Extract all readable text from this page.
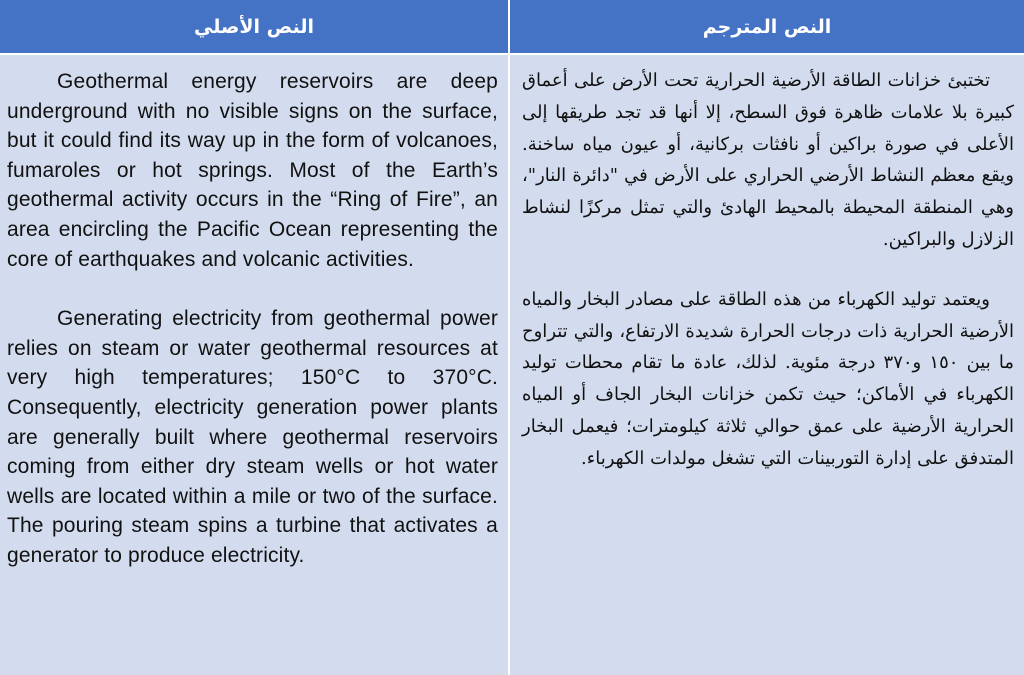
النص الأصلي	النص المترجم

Geothermal energy reservoirs are deep underground with no visible signs on the surface, but it could find its way up in the form of volcanoes, fumaroles or hot springs. Most of the Earth’s geothermal activity occurs in the “Ring of Fire”, an area encircling the Pacific Ocean representing the core of earthquakes and volcanic activities.

Generating electricity from geothermal power relies on steam or water geothermal resources at very high temperatures; 150°C to 370°C. Consequently, electricity generation power plants are generally built where geothermal reservoirs coming from either dry steam wells or hot water wells are located within a mile or two of the surface. The pouring steam spins a turbine that activates a generator to produce electricity.

تختبئ خزانات الطاقة الأرضية الحرارية تحت الأرض على أعماق كبيرة بلا علامات ظاهرة فوق السطح، إلا أنها قد تجد طريقها إلى الأعلى في صورة براكين أو نافثات بركانية، أو عيون مياه ساخنة. ويقع معظم النشاط الأرضي الحراري على الأرض في "دائرة النار"، وهي المنطقة المحيطة بالمحيط الهادئ والتي تمثل مركزًا لنشاط الزلازل والبراكين.

ويعتمد توليد الكهرباء من هذه الطاقة على مصادر البخار والمياه الأرضية الحرارية ذات درجات الحرارة شديدة الارتفاع، والتي تتراوح ما بين ١٥٠ و٣٧٠ درجة مئوية. لذلك، عادة ما تقام محطات توليد الكهرباء في الأماكن؛ حيث تكمن خزانات البخار الجاف أو المياه الحرارية الأرضية على عمق حوالي ثلاثة كيلومترات؛ فيعمل البخار المتدفق على إدارة التوربينات التي تشغل مولدات الكهرباء.
